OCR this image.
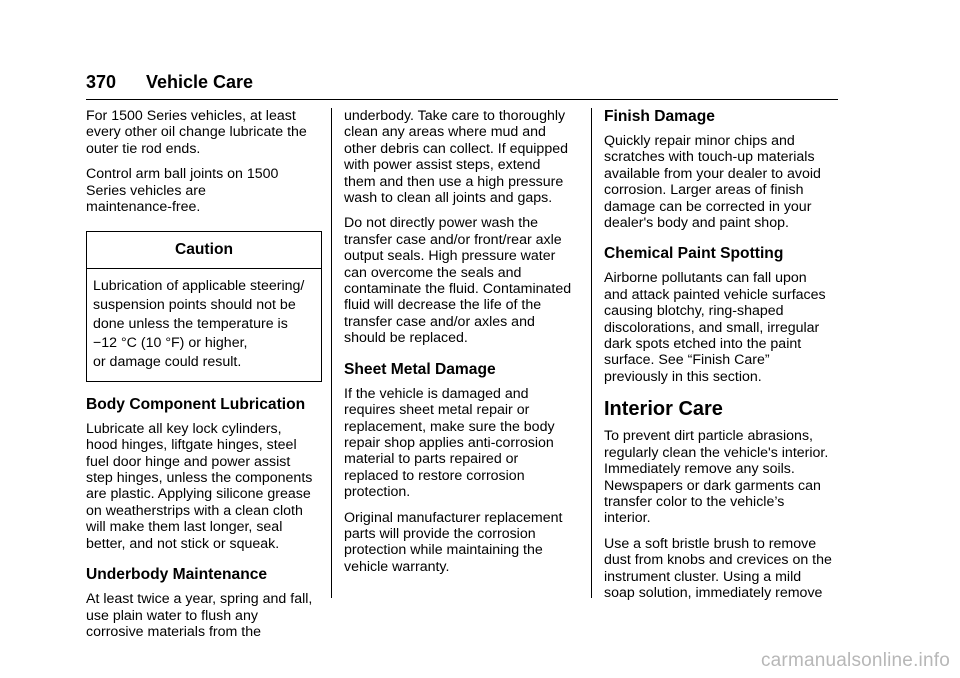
370 Vehicle Care

For 1500 Series vehicles, at least
every other oil change lubricate the
outer tie rod ends.

Control arm ball joints on 1500
Series vehicles are
maintenance-free.

Caution
Lubrication of applicable steering/
suspension points should not be
done unless the temperature is
−12 °C (10 °F) or higher,
or damage could result.
Body Component Lubrication

Lubricate all key lock cylinders,
hood hinges, liftgate hinges, steel
fuel door hinge and power assist
step hinges, unless the components
are plastic. Applying silicone grease
on weatherstrips with a clean cloth
will make them last longer, seal
better, and not stick or squeak.

Underbody Maintenance

At least twice a year, spring and fall,
use plain water to flush any
corrosive materials from the

underbody. Take care to thoroughly
clean any areas where mud and
other debris can collect. If equipped
with power assist steps, extend
them and then use a high pressure
wash to clean all joints and gaps.

Do not directly power wash the
transfer case and/or front/rear axle
output seals. High pressure water
can overcome the seals and
contaminate the fluid. Contaminated
fluid will decrease the life of the
transfer case and/or axles and
should be replaced.

Sheet Metal Damage

If the vehicle is damaged and
requires sheet metal repair or
replacement, make sure the body
repair shop applies anti-corrosion
material to parts repaired or
replaced to restore corrosion
protection.

Original manufacturer replacement
parts will provide the corrosion
protection while maintaining the
vehicle warranty.

Finish Damage

Quickly repair minor chips and
scratches with touch-up materials
available from your dealer to avoid
corrosion. Larger areas of finish
damage can be corrected in your
dealer's body and paint shop.

Chemical Paint Spotting

Airborne pollutants can fall upon
and attack painted vehicle surfaces
causing blotchy, ring-shaped
discolorations, and small, irregular
dark spots etched into the paint
surface. See “Finish Care”
previously in this section.

Interior Care

To prevent dirt particle abrasions,
regularly clean the vehicle's interior.
Immediately remove any soils.
Newspapers or dark garments can
transfer color to the vehicle’s
interior.

Use a soft bristle brush to remove
dust from knobs and crevices on the
instrument cluster. Using a mild
soap solution, immediately remove

carmanualsonline.info
